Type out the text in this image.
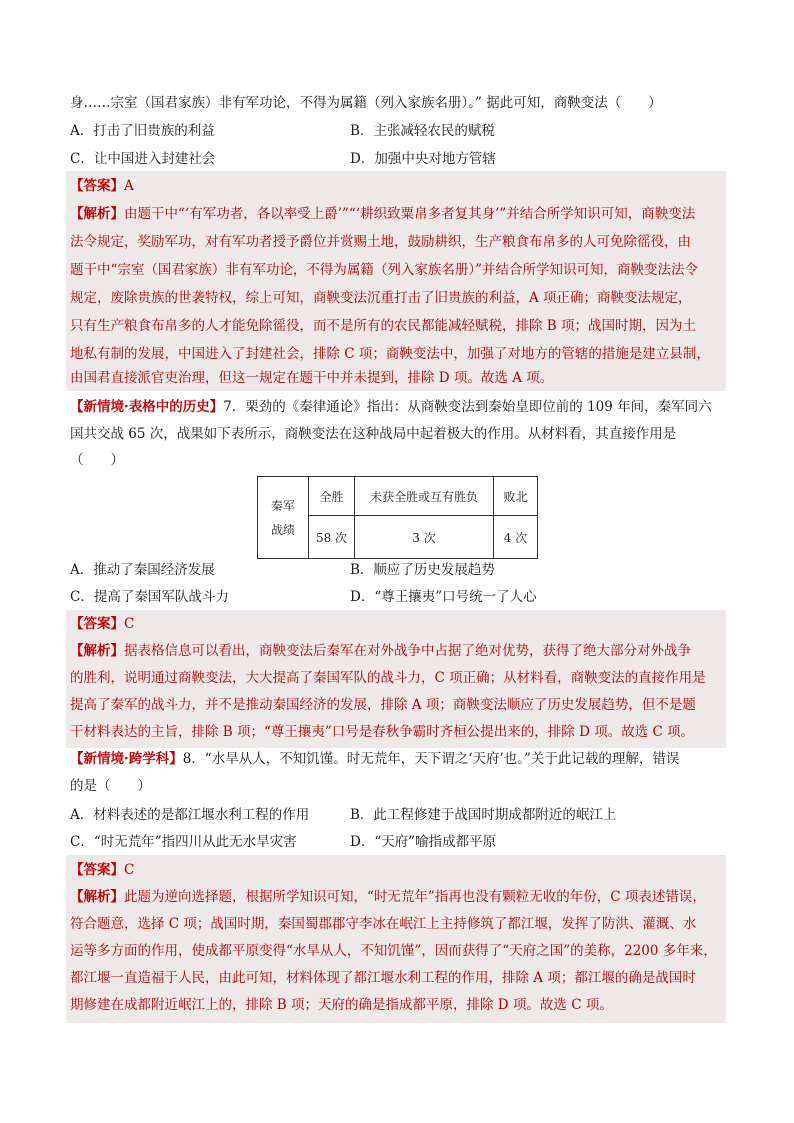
身……宗室（国君家族）非有军功论，不得为属籍（列入家族名册）。” 据此可知，商鞅变法（　　）
A．打击了旧贵族的利益	B．主张减轻农民的赋税
C．让中国进入封建社会	D．加强中央对地方管辖
【答案】A
【解析】由题干中“‘有军功者，各以率受上爵’”“‘耕织致粟帛多者复其身’”并结合所学知识可知，商鞅变法
法令规定，奖励军功，对有军功者授予爵位并赏赐土地，鼓励耕织，生产粮食布帛多的人可免除徭役，由
题干中“宗室（国君家族）非有军功论，不得为属籍（列入家族名册）”并结合所学知识可知，商鞅变法法令
规定，废除贵族的世袭特权，综上可知，商鞅变法沉重打击了旧贵族的利益，A 项正确；商鞅变法规定，
只有生产粮食布帛多的人才能免除徭役，而不是所有的农民都能减轻赋税，排除 B 项；战国时期，因为土
地私有制的发展，中国进入了封建社会，排除 C 项；商鞅变法中，加强了对地方的管辖的措施是建立县制，
由国君直接派官吏治理，但这一规定在题干中并未提到，排除 D 项。故选 A 项。
【新情境·表格中的历史】7．栗劲的《秦律通论》指出：从商鞅变法到秦始皇即位前的 109 年间，秦军同六
国共交战 65 次，战果如下表所示，商鞅变法在这种战局中起着极大的作用。从材料看，其直接作用是
（　　）
秦军
战绩	全胜	未获全胜或互有胜负	败北
	58 次	3 次	4 次
A．推动了秦国经济发展	B．顺应了历史发展趋势
C．提高了秦国军队战斗力	D．“尊王攘夷”口号统一了人心
【答案】C
【解析】据表格信息可以看出，商鞅变法后秦军在对外战争中占据了绝对优势，获得了绝大部分对外战争
的胜利，说明通过商鞅变法，大大提高了秦国军队的战斗力，C 项正确；从材料看，商鞅变法的直接作用是
提高了秦军的战斗力，并不是推动秦国经济的发展，排除 A 项；商鞅变法顺应了历史发展趋势，但不是题
干材料表达的主旨，排除 B 项；“尊王攘夷”口号是春秋争霸时齐桓公提出来的，排除 D 项。故选 C 项。
【新情境·跨学科】8．“水旱从人，不知饥馑。时无荒年，天下谓之‘天府’也。”关于此记载的理解，错误
的是（　　）
A．材料表述的是都江堰水利工程的作用	B．此工程修建于战国时期成都附近的岷江上
C．“时无荒年”指四川从此无水旱灾害	D．“天府”喻指成都平原
【答案】C
【解析】此题为逆向选择题，根据所学知识可知，“时无荒年”指再也没有颗粒无收的年份，C 项表述错误，
符合题意，选择 C 项；战国时期，秦国蜀郡郡守李冰在岷江上主持修筑了都江堰，发挥了防洪、灌溉、水
运等多方面的作用，使成都平原变得“水旱从人，不知饥馑”，因而获得了“天府之国”的美称，2200 多年来，
都江堰一直造福于人民，由此可知，材料体现了都江堰水利工程的作用，排除 A 项；都江堰的确是战国时
期修建在成都附近岷江上的，排除 B 项；天府的确是指成都平原，排除 D 项。故选 C 项。
